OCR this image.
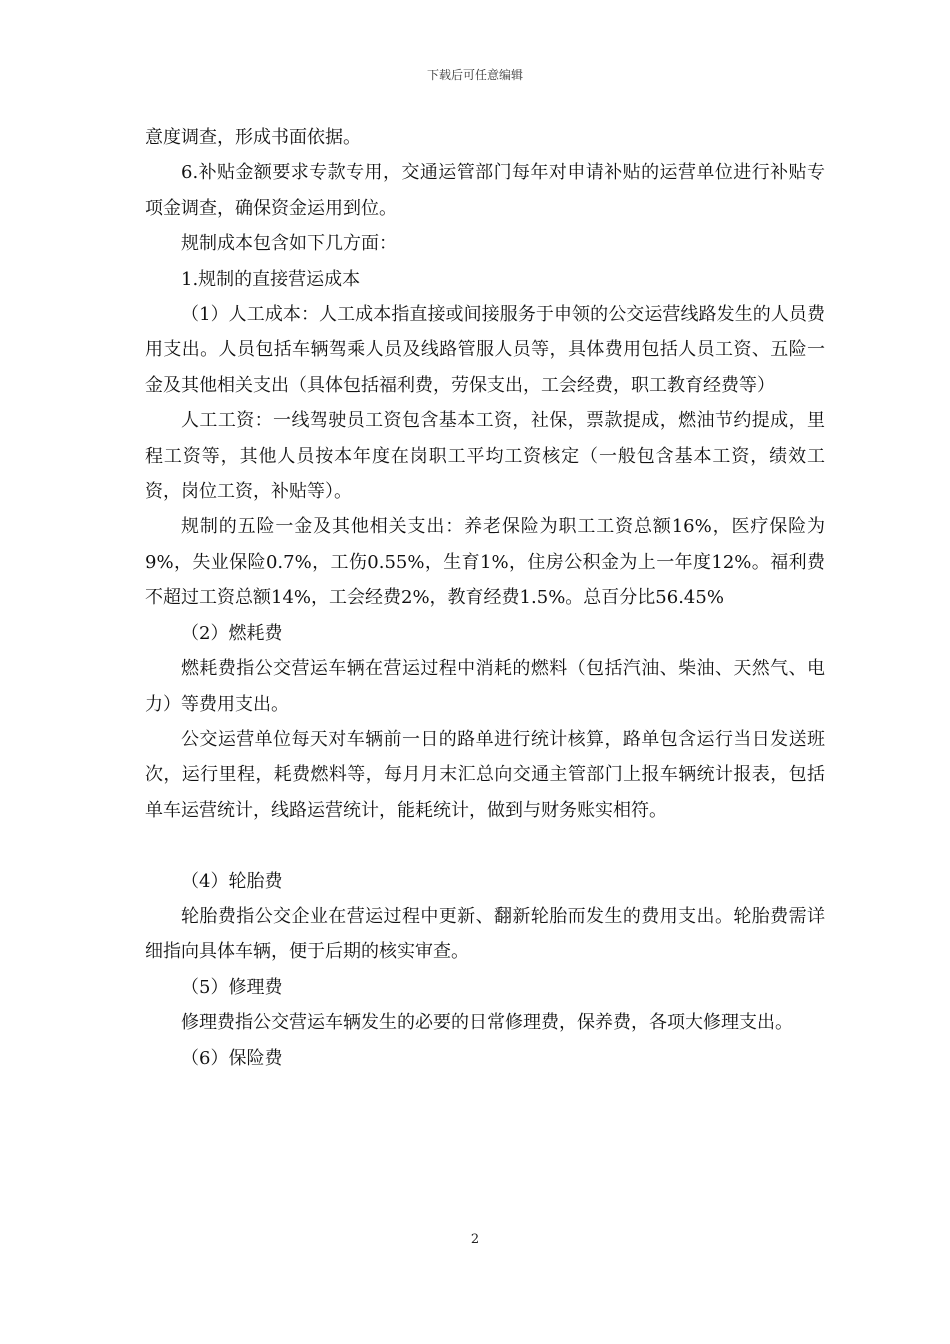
下载后可任意编辑

意度调查，形成书面依据。

6.补贴金额要求专款专用，交通运管部门每年对申请补贴的运营单位进行补贴专项金调查，确保资金运用到位。

规制成本包含如下几方面：

1.规制的直接营运成本

（1）人工成本：人工成本指直接或间接服务于申领的公交运营线路发生的人员费用支出。人员包括车辆驾乘人员及线路管服人员等，具体费用包括人员工资、五险一金及其他相关支出（具体包括福利费，劳保支出，工会经费，职工教育经费等）

人工工资：一线驾驶员工资包含基本工资，社保，票款提成，燃油节约提成，里程工资等，其他人员按本年度在岗职工平均工资核定（一般包含基本工资，绩效工资，岗位工资，补贴等）。

规制的五险一金及其他相关支出：养老保险为职工工资总额16%，医疗保险为9%，失业保险0.7%，工伤0.55%，生育1%，住房公积金为上一年度12%。福利费不超过工资总额14%，工会经费2%，教育经费1.5%。总百分比56.45%

（2）燃耗费

燃耗费指公交营运车辆在营运过程中消耗的燃料（包括汽油、柴油、天然气、电力）等费用支出。

公交运营单位每天对车辆前一日的路单进行统计核算，路单包含运行当日发送班次，运行里程，耗费燃料等，每月月末汇总向交通主管部门上报车辆统计报表，包括单车运营统计，线路运营统计，能耗统计，做到与财务账实相符。

（4）轮胎费

轮胎费指公交企业在营运过程中更新、翻新轮胎而发生的费用支出。轮胎费需详细指向具体车辆，便于后期的核实审查。

（5）修理费

修理费指公交营运车辆发生的必要的日常修理费，保养费，各项大修理支出。

（6）保险费

2
